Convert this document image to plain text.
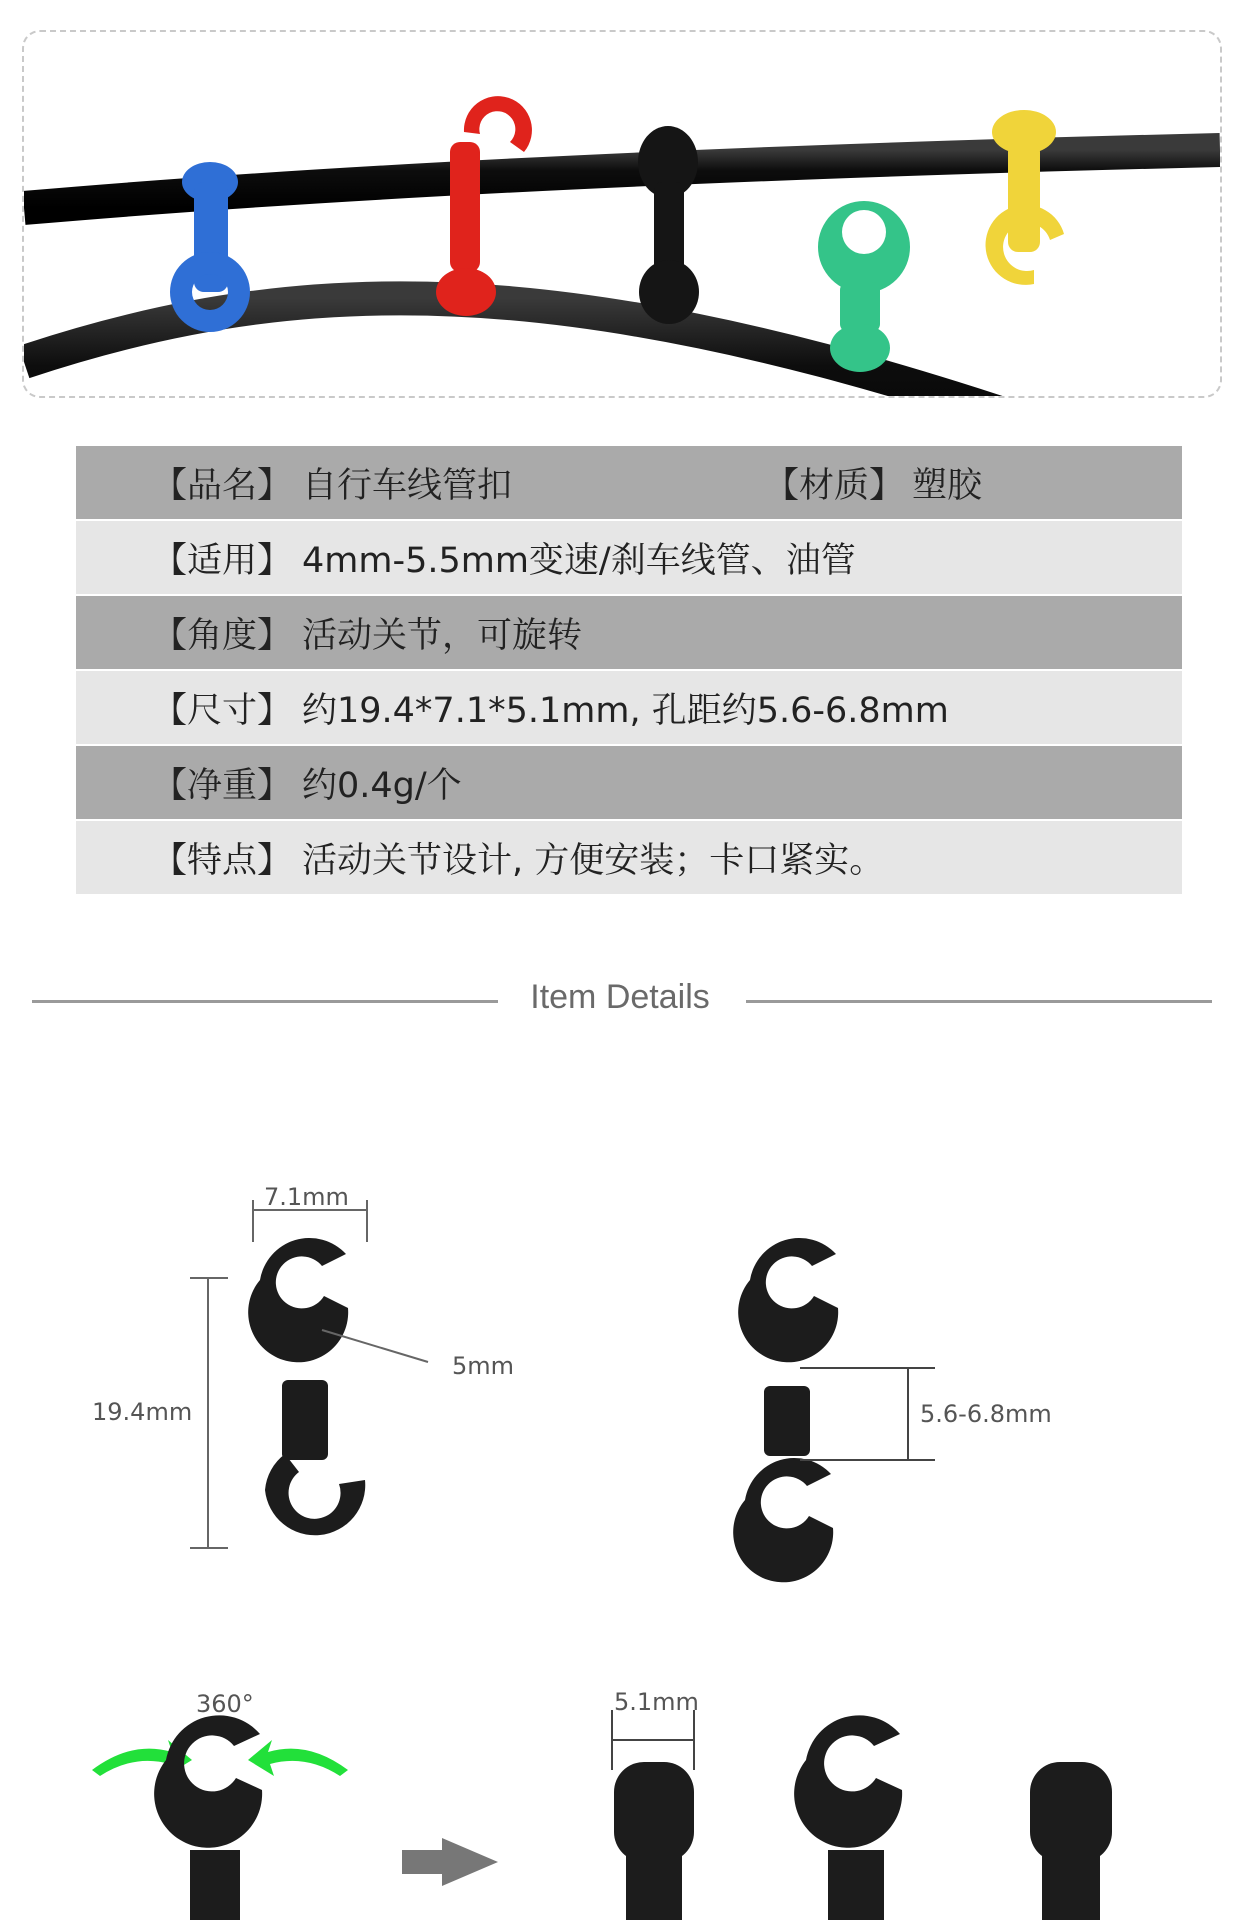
【品名】 自行车线管扣	【材质】 塑胶
【适用】 4mm-5.5mm变速/刹车线管、油管
【角度】 活动关节，可旋转
【尺寸】 约19.4*7.1*5.1mm, 孔距约5.6-6.8mm
【净重】 约0.4g/个
【特点】 活动关节设计, 方便安装；卡口紧实。
Item Details
7.1mm
19.4mm
5mm
5.6-6.8mm
360°	5.1mm
